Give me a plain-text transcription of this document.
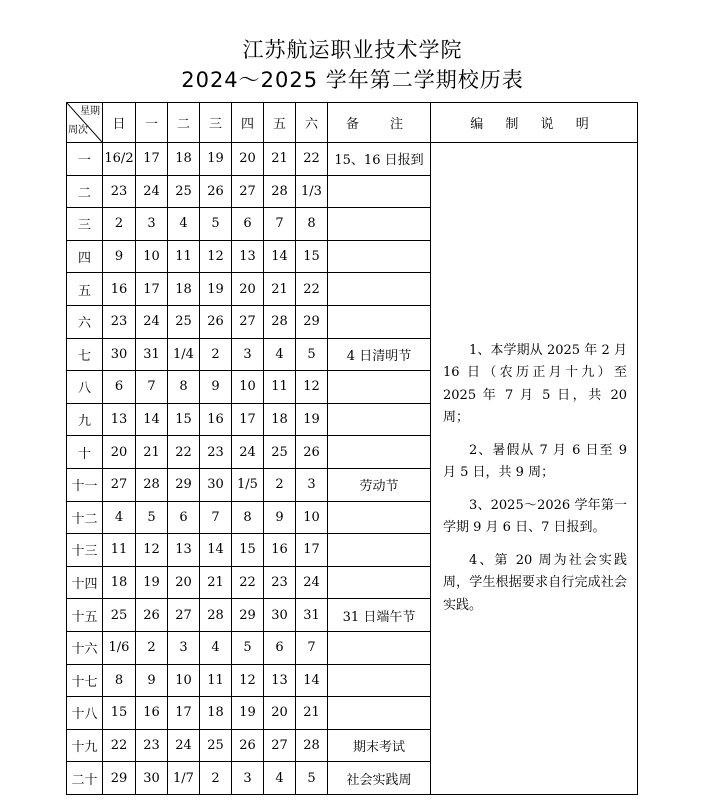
江苏航运职业技术学院
2024～2025 学年第二学期校历表
星期
周次	日	一	二	三	四	五	六	备　注	编 制 说 明
一	16/2	17	18	19	20	21	22	15、16 日报到	1、本学期从 2025 年 2 月 16 日（农历正月十九）至 2025 年 7 月 5 日，共 20 周；

2、暑假从 7 月 6 日至 9 月 5 日，共 9 周；

3、2025～2026 学年第一学期 9 月 6 日、7 日报到。

4、第 20 周为社会实践周，学生根据要求自行完成社会实践。

二	23	24	25	26	27	28	1/3		
三	2	3	4	5	6	7	8		
四	9	10	11	12	13	14	15		
五	16	17	18	19	20	21	22		
六	23	24	25	26	27	28	29		
七	30	31	1/4	2	3	4	5	4 日清明节	
八	6	7	8	9	10	11	12		
九	13	14	15	16	17	18	19		
十	20	21	22	23	24	25	26		
十一	27	28	29	30	1/5	2	3	劳动节	
十二	4	5	6	7	8	9	10		
十三	11	12	13	14	15	16	17		
十四	18	19	20	21	22	23	24		
十五	25	26	27	28	29	30	31	31 日端午节	
十六	1/6	2	3	4	5	6	7		
十七	8	9	10	11	12	13	14		
十八	15	16	17	18	19	20	21		
十九	22	23	24	25	26	27	28	期末考试	
二十	29	30	1/7	2	3	4	5	社会实践周	
